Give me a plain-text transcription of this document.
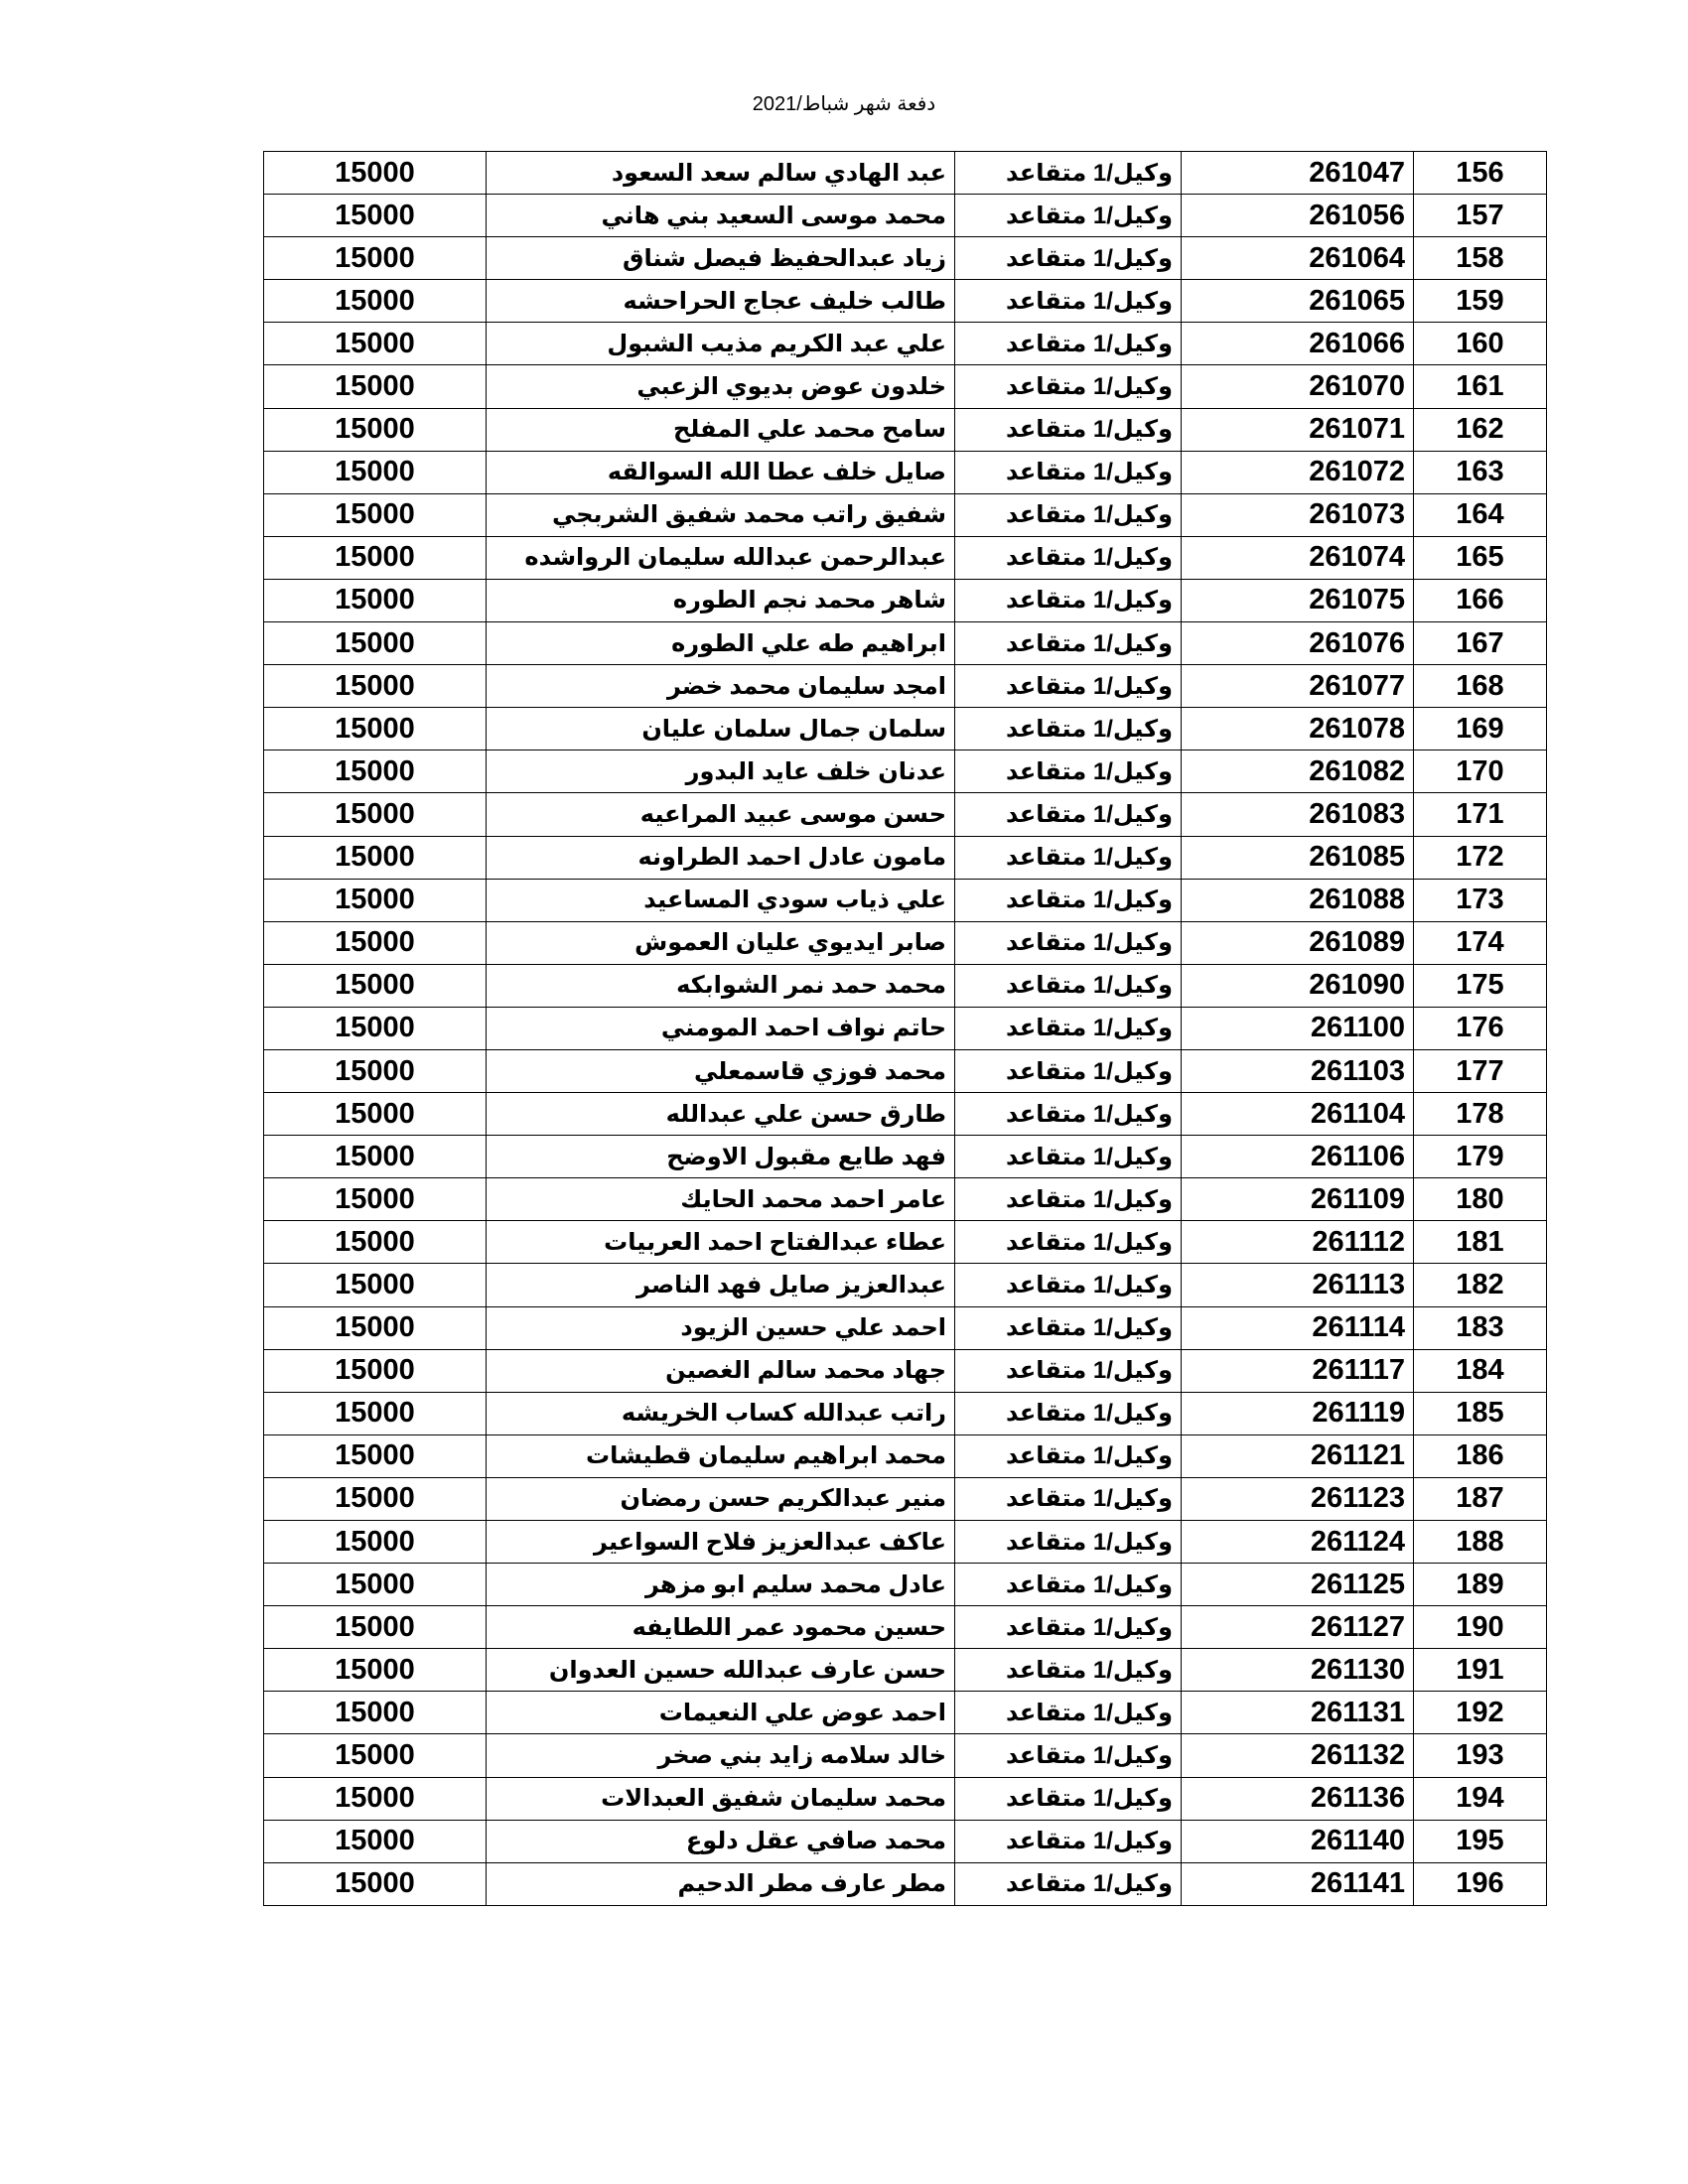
دفعة شهر شباط/2021
15000	عبد الهادي سالم سعد السعود	وكيل/1 متقاعد	261047	156
15000	محمد موسى السعيد بني هاني	وكيل/1 متقاعد	261056	157
15000	زياد عبدالحفيظ فيصل شناق	وكيل/1 متقاعد	261064	158
15000	طالب خليف عجاج الحراحشه	وكيل/1 متقاعد	261065	159
15000	علي عبد الكريم مذيب الشبول	وكيل/1 متقاعد	261066	160
15000	خلدون عوض بديوي الزعبي	وكيل/1 متقاعد	261070	161
15000	سامح محمد علي المفلح	وكيل/1 متقاعد	261071	162
15000	صايل خلف عطا الله السوالقه	وكيل/1 متقاعد	261072	163
15000	شفيق راتب محمد شفيق الشربجي	وكيل/1 متقاعد	261073	164
15000	عبدالرحمن عبدالله سليمان الرواشده	وكيل/1 متقاعد	261074	165
15000	شاهر محمد نجم الطوره	وكيل/1 متقاعد	261075	166
15000	ابراهيم طه علي الطوره	وكيل/1 متقاعد	261076	167
15000	امجد سليمان محمد خضر	وكيل/1 متقاعد	261077	168
15000	سلمان جمال سلمان عليان	وكيل/1 متقاعد	261078	169
15000	عدنان خلف عايد البدور	وكيل/1 متقاعد	261082	170
15000	حسن موسى عبيد المراعيه	وكيل/1 متقاعد	261083	171
15000	مامون عادل احمد الطراونه	وكيل/1 متقاعد	261085	172
15000	علي ذياب سودي المساعيد	وكيل/1 متقاعد	261088	173
15000	صابر ايديوي عليان العموش	وكيل/1 متقاعد	261089	174
15000	محمد حمد نمر الشوابكه	وكيل/1 متقاعد	261090	175
15000	حاتم نواف احمد المومني	وكيل/1 متقاعد	261100	176
15000	محمد فوزي قاسمعلي	وكيل/1 متقاعد	261103	177
15000	طارق حسن علي عبدالله	وكيل/1 متقاعد	261104	178
15000	فهد طايع مقبول الاوضح	وكيل/1 متقاعد	261106	179
15000	عامر احمد محمد الحايك	وكيل/1 متقاعد	261109	180
15000	عطاء عبدالفتاح احمد العربيات	وكيل/1 متقاعد	261112	181
15000	عبدالعزيز صايل فهد الناصر	وكيل/1 متقاعد	261113	182
15000	احمد علي حسين الزيود	وكيل/1 متقاعد	261114	183
15000	جهاد محمد سالم الغصين	وكيل/1 متقاعد	261117	184
15000	راتب عبدالله كساب الخريشه	وكيل/1 متقاعد	261119	185
15000	محمد ابراهيم سليمان قطيشات	وكيل/1 متقاعد	261121	186
15000	منير عبدالكريم حسن رمضان	وكيل/1 متقاعد	261123	187
15000	عاكف عبدالعزيز فلاح السواعير	وكيل/1 متقاعد	261124	188
15000	عادل محمد سليم ابو مزهر	وكيل/1 متقاعد	261125	189
15000	حسين محمود عمر اللطايفه	وكيل/1 متقاعد	261127	190
15000	حسن عارف عبدالله حسين العدوان	وكيل/1 متقاعد	261130	191
15000	احمد عوض علي النعيمات	وكيل/1 متقاعد	261131	192
15000	خالد سلامه زايد بني صخر	وكيل/1 متقاعد	261132	193
15000	محمد سليمان شفيق العبدالات	وكيل/1 متقاعد	261136	194
15000	محمد صافي عقل دلوع	وكيل/1 متقاعد	261140	195
15000	مطر عارف مطر الدحيم	وكيل/1 متقاعد	261141	196
